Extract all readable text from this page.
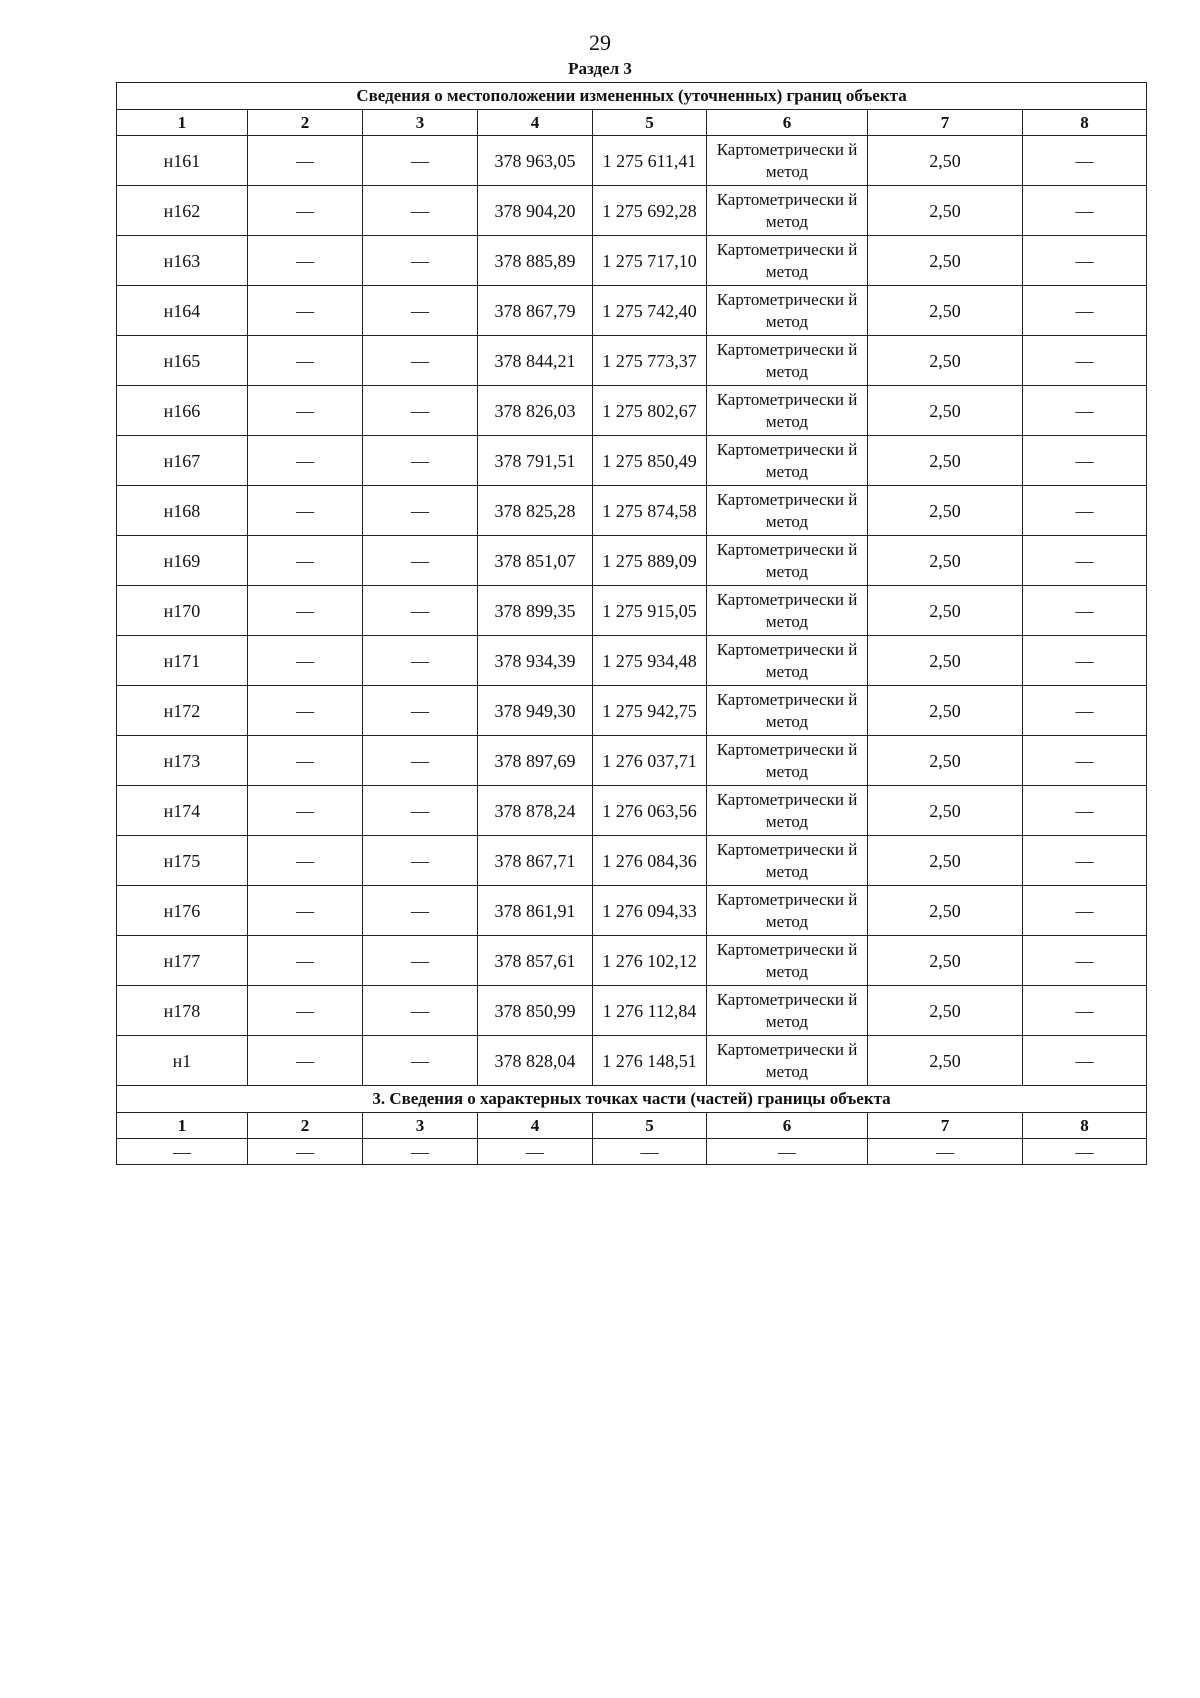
29
Раздел 3
Сведения о местоположении измененных (уточненных) границ объекта							
1	2	3	4	5	6	7	8
н161	—	—	378 963,05	1 275 611,41	Картометрически й метод	2,50	—
н162	—	—	378 904,20	1 275 692,28	Картометрически й метод	2,50	—
н163	—	—	378 885,89	1 275 717,10	Картометрически й метод	2,50	—
н164	—	—	378 867,79	1 275 742,40	Картометрически й метод	2,50	—
н165	—	—	378 844,21	1 275 773,37	Картометрически й метод	2,50	—
н166	—	—	378 826,03	1 275 802,67	Картометрически й метод	2,50	—
н167	—	—	378 791,51	1 275 850,49	Картометрически й метод	2,50	—
н168	—	—	378 825,28	1 275 874,58	Картометрически й метод	2,50	—
н169	—	—	378 851,07	1 275 889,09	Картометрически й метод	2,50	—
н170	—	—	378 899,35	1 275 915,05	Картометрически й метод	2,50	—
н171	—	—	378 934,39	1 275 934,48	Картометрически й метод	2,50	—
н172	—	—	378 949,30	1 275 942,75	Картометрически й метод	2,50	—
н173	—	—	378 897,69	1 276 037,71	Картометрически й метод	2,50	—
н174	—	—	378 878,24	1 276 063,56	Картометрически й метод	2,50	—
н175	—	—	378 867,71	1 276 084,36	Картометрически й метод	2,50	—
н176	—	—	378 861,91	1 276 094,33	Картометрически й метод	2,50	—
н177	—	—	378 857,61	1 276 102,12	Картометрически й метод	2,50	—
н178	—	—	378 850,99	1 276 112,84	Картометрически й метод	2,50	—
н1	—	—	378 828,04	1 276 148,51	Картометрически й метод	2,50	—
3. Сведения о характерных точках части (частей) границы объекта							
1	2	3	4	5	6	7	8
—	—	—	—	—	—	—	—
